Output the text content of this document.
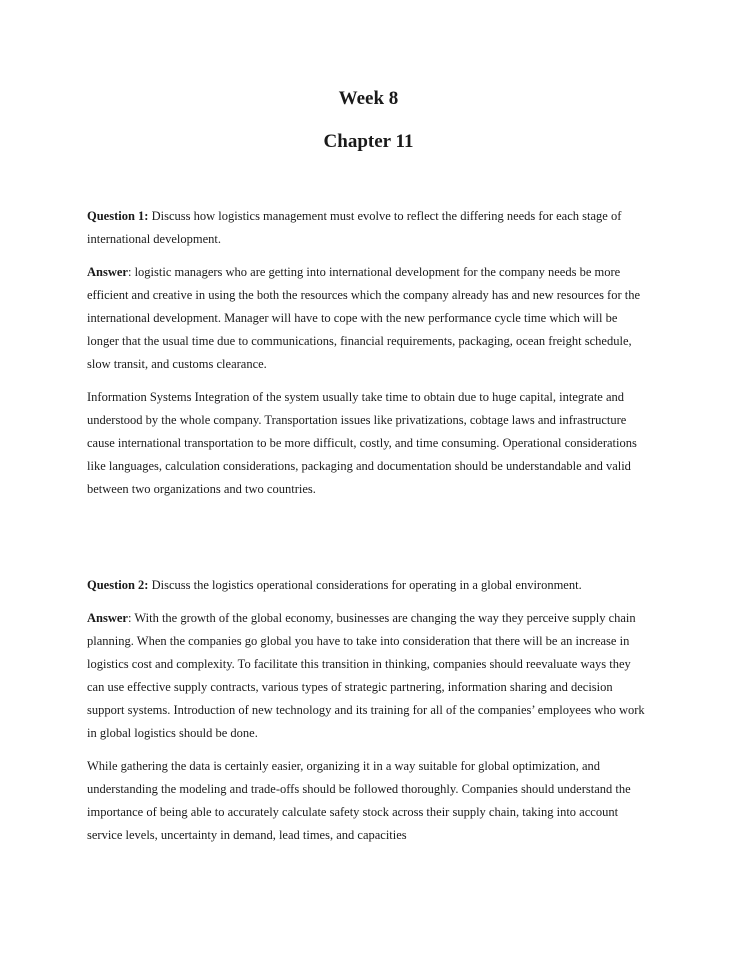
Week 8
Chapter 11

Question 1: Discuss how logistics management must evolve to reflect the differing needs for each stage of international development.

Answer: logistic managers who are getting into international development for the company needs be more efficient and creative in using the both the resources which the company already has and new resources for the international development. Manager will have to cope with the new performance cycle time which will be longer that the usual time due to communications, financial requirements, packaging, ocean freight schedule, slow transit, and customs clearance.

Information Systems Integration of the system usually take time to obtain due to huge capital, integrate and understood by the whole company. Transportation issues like privatizations, cobtage laws and infrastructure cause international transportation to be more difficult, costly, and time consuming. Operational considerations like languages, calculation considerations, packaging and documentation should be understandable and valid between two organizations and two countries.

Question 2: Discuss the logistics operational considerations for operating in a global environment.

Answer: With the growth of the global economy, businesses are changing the way they perceive supply chain planning. When the companies go global you have to take into consideration that there will be an increase in logistics cost and complexity. To facilitate this transition in thinking, companies should reevaluate ways they can use effective supply contracts, various types of strategic partnering, information sharing and decision support systems. Introduction of new technology and its training for all of the companies’ employees who work in global logistics should be done.

While gathering the data is certainly easier, organizing it in a way suitable for global optimization, and understanding the modeling and trade-offs should be followed thoroughly. Companies should understand the importance of being able to accurately calculate safety stock across their supply chain, taking into account service levels, uncertainty in demand, lead times, and capacities
